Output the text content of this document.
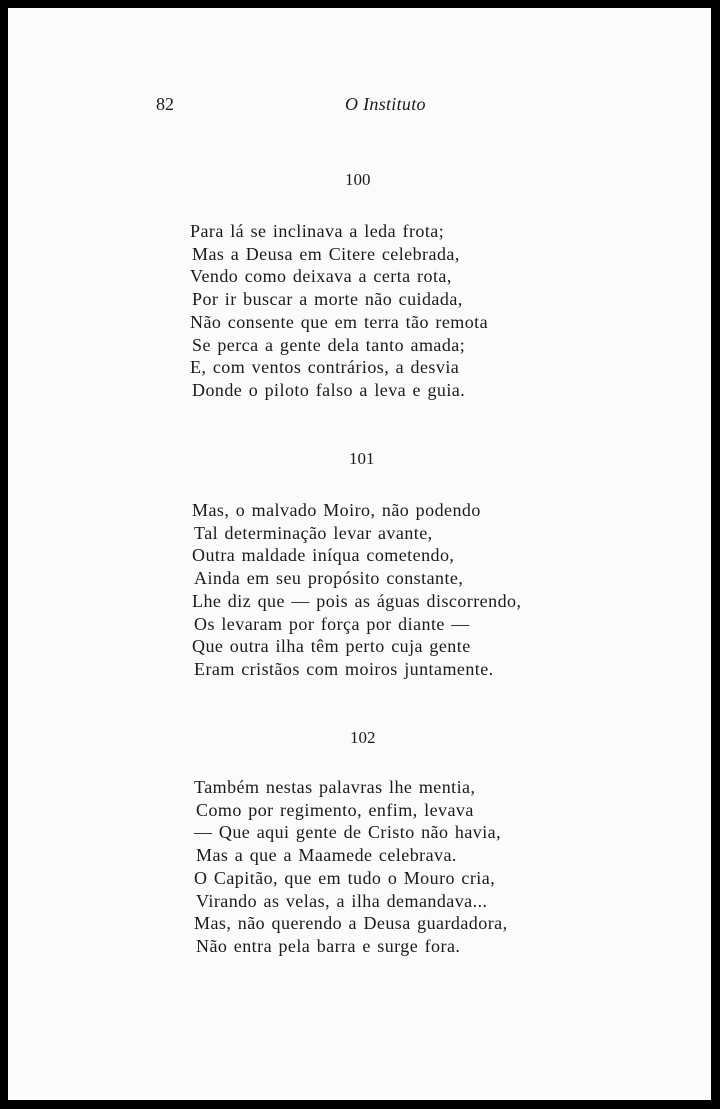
82	O Instituto
100
Para lá se inclinava a leda frota;
Mas a Deusa em Citere celebrada,
Vendo como deixava a certa rota,
Por ir buscar a morte não cuidada,
Não consente que em terra tão remota
Se perca a gente dela tanto amada;
E, com ventos contrários, a desvia
Donde o piloto falso a leva e guia.
101
Mas, o malvado Moiro, não podendo
Tal determinação levar avante,
Outra maldade iníqua cometendo,
Ainda em seu propósito constante,
Lhe diz que — pois as águas discorrendo,
Os levaram por força por diante —
Que outra ilha têm perto cuja gente
Eram cristãos com moiros juntamente.
102
Também nestas palavras lhe mentia,
Como por regimento, enfim, levava
— Que aqui gente de Cristo não havia,
Mas a que a Maamede celebrava.
O Capitão, que em tudo o Mouro cria,
Virando as velas, a ilha demandava...
Mas, não querendo a Deusa guardadora,
Não entra pela barra e surge fora.
